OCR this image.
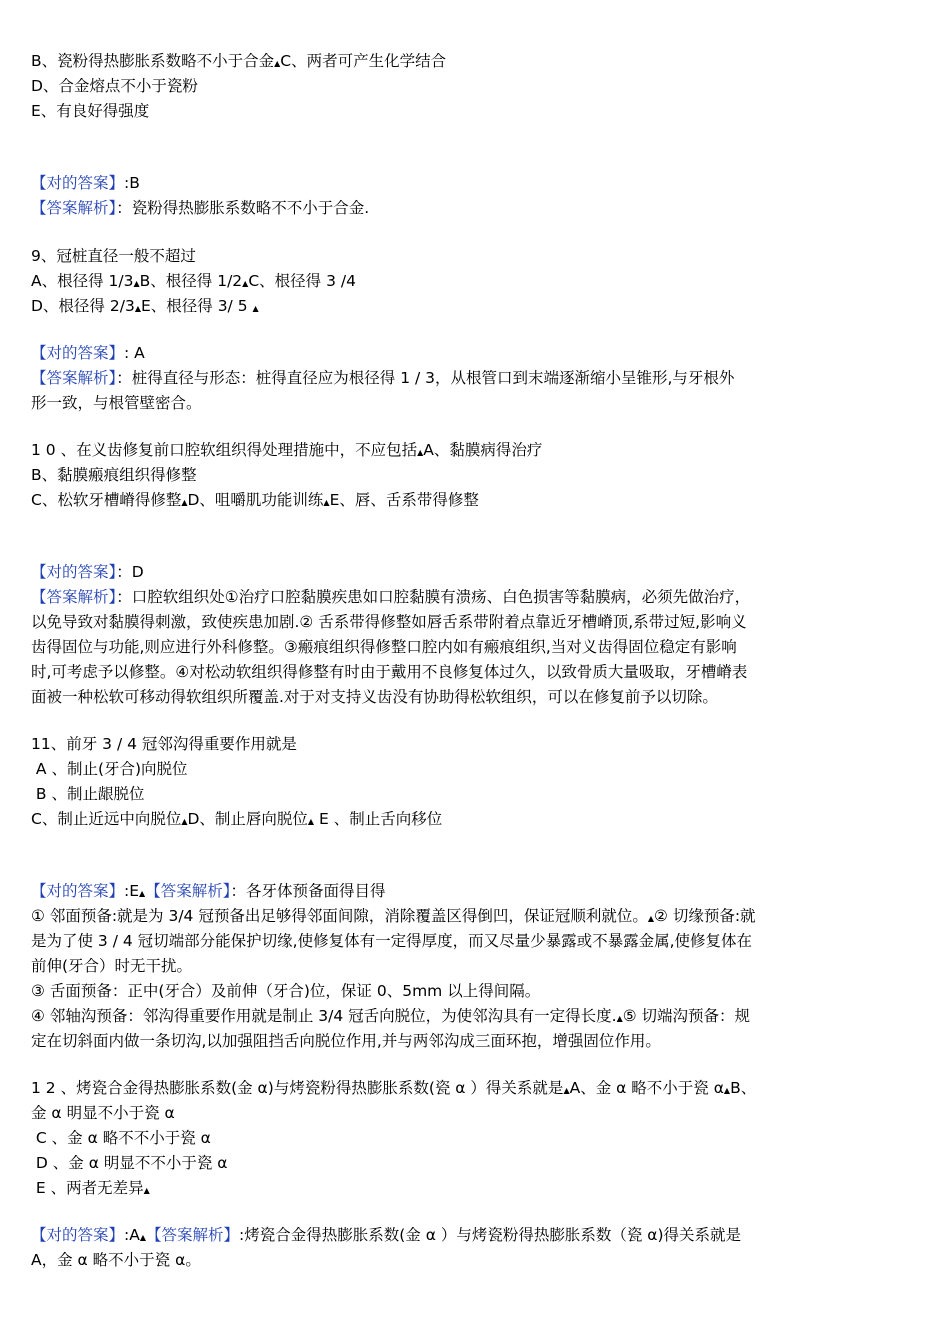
B、瓷粉得热膨胀系数略不小于合金▲C、两者可产生化学结合

D、合金熔点不小于瓷粉

E、有良好得强度

【对的答案】:B

【答案解析】：瓷粉得热膨胀系数略不不小于合金.

9、冠桩直径一般不超过

A、根径得 1/3▲B、根径得 1/2▲C、根径得 3 /4

D、根径得 2/3▲E、根径得 3/ 5 ▲

【对的答案】: A

【答案解析】：桩得直径与形态：桩得直径应为根径得 1 / 3，从根管口到末端逐渐缩小呈锥形,与牙根外

形一致，与根管壁密合。

1 0 、在义齿修复前口腔软组织得处理措施中，不应包括▲A、黏膜病得治疗

B、黏膜瘢痕组织得修整

C、松软牙槽嵴得修整▲D、咀嚼肌功能训练▲E、唇、舌系带得修整

【对的答案】：D

【答案解析】：口腔软组织处①治疗口腔黏膜疾患如口腔黏膜有溃疡、白色损害等黏膜病，必须先做治疗，

以免导致对黏膜得刺激，致使疾患加剧.② 舌系带得修整如唇舌系带附着点靠近牙槽嵴顶,系带过短,影响义

齿得固位与功能,则应进行外科修整。③瘢痕组织得修整口腔内如有瘢痕组织,当对义齿得固位稳定有影响

时,可考虑予以修整。④对松动软组织得修整有时由于戴用不良修复体过久，以致骨质大量吸取，牙槽嵴表

面被一种松软可移动得软组织所覆盖.对于对支持义齿没有协助得松软组织，可以在修复前予以切除。

11、前牙 3 / 4 冠邻沟得重要作用就是

A 、制止(牙合)向脱位

B 、制止龈脱位

C、制止近远中向脱位▲D、制止唇向脱位▲ E 、制止舌向移位

【对的答案】:E▲【答案解析】：各牙体预备面得目得

① 邻面预备:就是为 3/4 冠预备出足够得邻面间隙，消除覆盖区得倒凹，保证冠顺利就位。▲② 切缘预备:就

是为了使 3 / 4 冠切端部分能保护切缘,使修复体有一定得厚度，而又尽量少暴露或不暴露金属,使修复体在

前伸(牙合）时无干扰。

③ 舌面预备：正中(牙合）及前伸（牙合)位，保证 0、5mm 以上得间隔。

④ 邻轴沟预备：邻沟得重要作用就是制止 3/4 冠舌向脱位，为使邻沟具有一定得长度.▲⑤ 切端沟预备：规

定在切斜面内做一条切沟,以加强阻挡舌向脱位作用,并与两邻沟成三面环抱，增强固位作用。

1 2 、烤瓷合金得热膨胀系数(金 α)与烤瓷粉得热膨胀系数(瓷 α ）得关系就是▲A、金 α 略不小于瓷 α▲B、

金 α 明显不小于瓷 α

C 、金 α 略不不小于瓷 α

D 、金 α 明显不不小于瓷 α

E 、两者无差异▲

【对的答案】:A▲【答案解析】:烤瓷合金得热膨胀系数(金 α ）与烤瓷粉得热膨胀系数（瓷 α)得关系就是

A，金 α 略不小于瓷 α。
